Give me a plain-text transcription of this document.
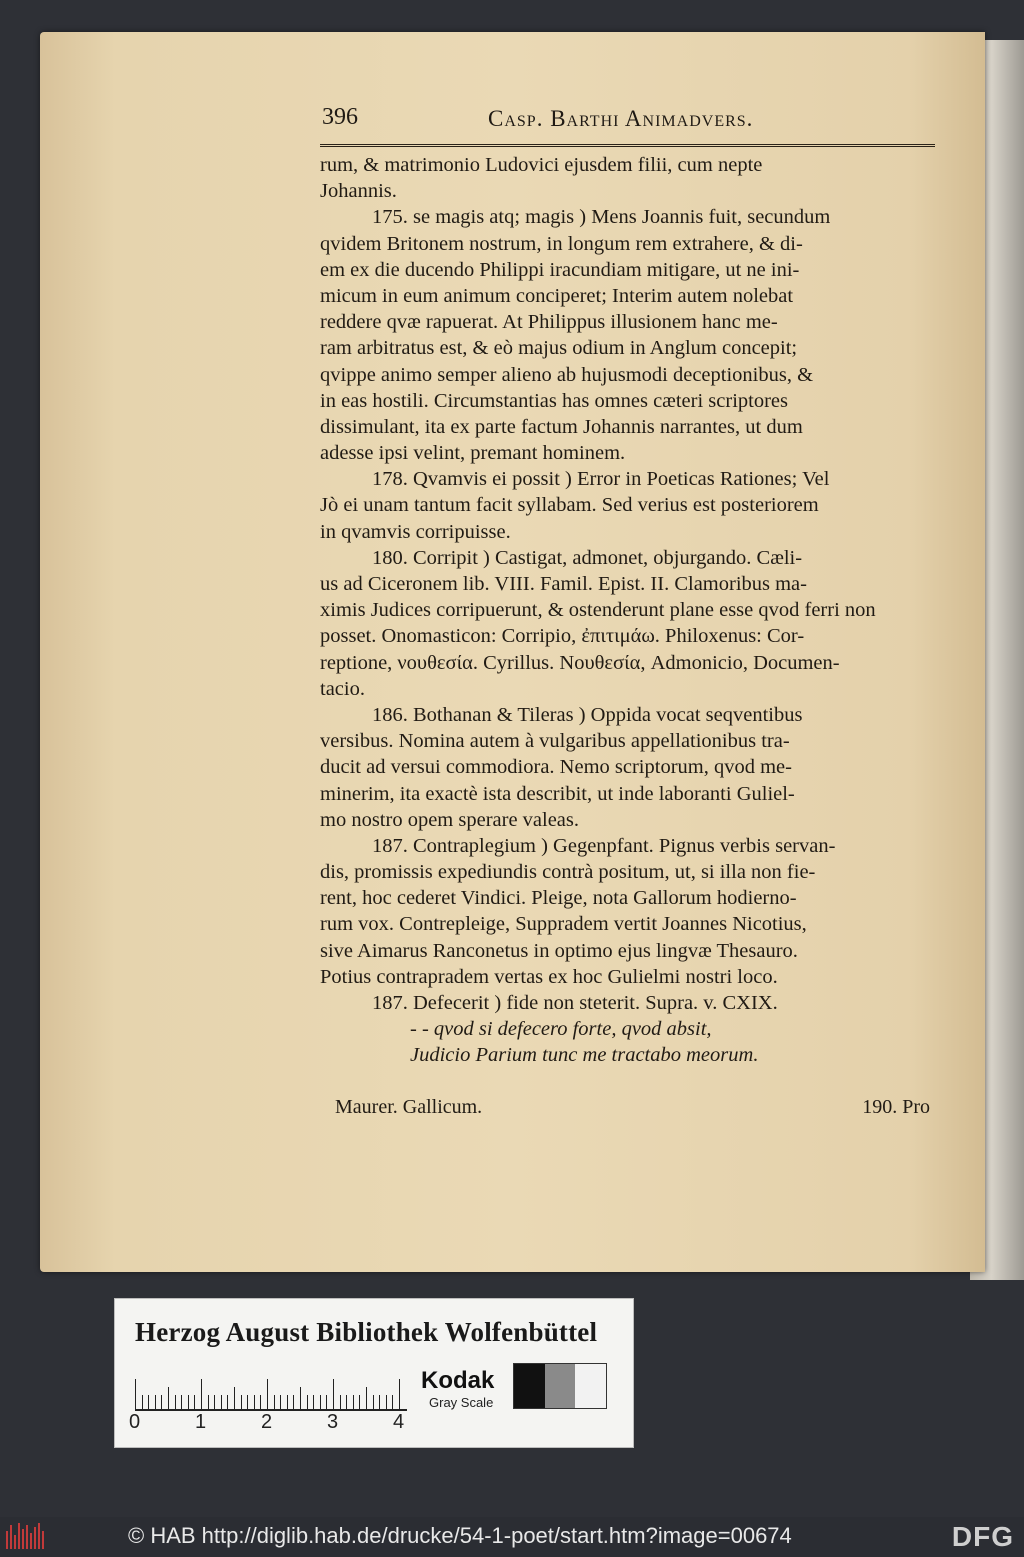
396	Casp. Barthi Animadvers.
rum, & matrimonio Ludovici ejusdem filii, cum nepte
Johannis.
175. se magis atq; magis ) Mens Joannis fuit, secundum
qvidem Britonem nostrum, in longum rem extrahere, & di-
em ex die ducendo Philippi iracundiam mitigare, ut ne ini-
micum in eum animum conciperet; Interim autem nolebat
reddere qvæ rapuerat. At Philippus illusionem hanc me-
ram arbitratus est, & eò majus odium in Anglum concepit;
qvippe animo semper alieno ab hujusmodi deceptionibus, &
in eas hostili. Circumstantias has omnes cæteri scriptores
dissimulant, ita ex parte factum Johannis narrantes, ut dum
adesse ipsi velint, premant hominem.
178. Qvamvis ei possit ) Error in Poeticas Rationes; Vel
Jò ei unam tantum facit syllabam. Sed verius est posteriorem
in qvamvis corripuisse.
180. Corripit ) Castigat, admonet, objurgando. Cæli-
us ad Ciceronem lib. VIII. Famil. Epist. II. Clamoribus ma-
ximis Judices corripuerunt, & ostenderunt plane esse qvod ferri non
posset. Onomasticon: Corripio, ἐπιτιμάω. Philoxenus: Cor-
reptione, νουθεσία. Cyrillus. Νουθεσία, Admonicio, Documen-
tacio.
186. Bothanan & Tileras ) Oppida vocat seqventibus
versibus. Nomina autem à vulgaribus appellationibus tra-
ducit ad versui commodiora. Nemo scriptorum, qvod me-
minerim, ita exactè ista describit, ut inde laboranti Guliel-
mo nostro opem sperare valeas.
187. Contraplegium ) Gegenpfant. Pignus verbis servan-
dis, promissis expediundis contrà positum, ut, si illa non fie-
rent, hoc cederet Vindici. Pleige, nota Gallorum hodierno-
rum vox. Contrepleige, Suppradem vertit Joannes Nicotius,
sive Aimarus Ranconetus in optimo ejus lingvæ Thesauro.
Potius contrapradem vertas ex hoc Gulielmi nostri loco.
187. Defecerit ) fide non steterit. Supra. v. CXIX.
- - qvod si defecero forte, qvod absit,
Judicio Parium tunc me tractabo meorum.
Maurer. Gallicum.	190. Pro
Herzog August Bibliothek Wolfenbüttel
0	1	2	3	4
Kodak
Gray Scale
© HAB http://diglib.hab.de/drucke/54-1-poet/start.htm?image=00674	DFG
